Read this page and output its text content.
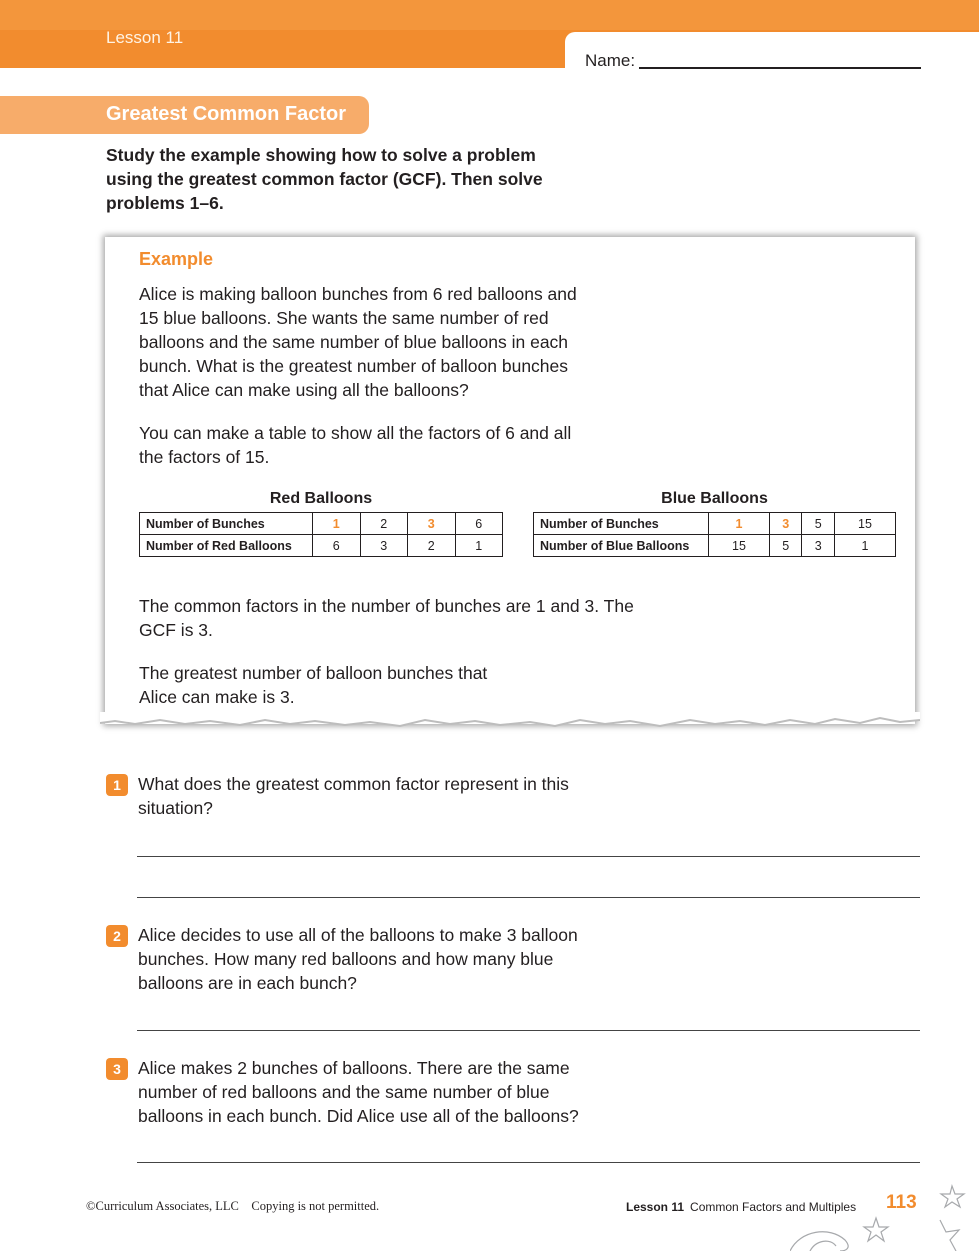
Lesson 11
Name:
Greatest Common Factor
Study the example showing how to solve a problem using the greatest common factor (GCF). Then solve problems 1–6.
Example
Alice is making balloon bunches from 6 red balloons and 15 blue balloons. She wants the same number of red balloons and the same number of blue balloons in each bunch. What is the greatest number of balloon bunches that Alice can make using all the balloons?
You can make a table to show all the factors of 6 and all the factors of 15.
Red Balloons
Number of Bunches	1	2	3	6
Number of Red Balloons	6	3	2	1
Blue Balloons
Number of Bunches	1	3	5	15
Number of Blue Balloons	15	5	3	1
The common factors in the number of bunches are 1 and 3. The GCF is 3.
The greatest number of balloon bunches that Alice can make is 3.
1 What does the greatest common factor represent in this situation?
2 Alice decides to use all of the balloons to make 3 balloon bunches. How many red balloons and how many blue balloons are in each bunch?
3 Alice makes 2 bunches of balloons. There are the same number of red balloons and the same number of blue balloons in each bunch. Did Alice use all of the balloons?
©Curriculum Associates, LLC    Copying is not permitted.	Lesson 11 Common Factors and Multiples 113
